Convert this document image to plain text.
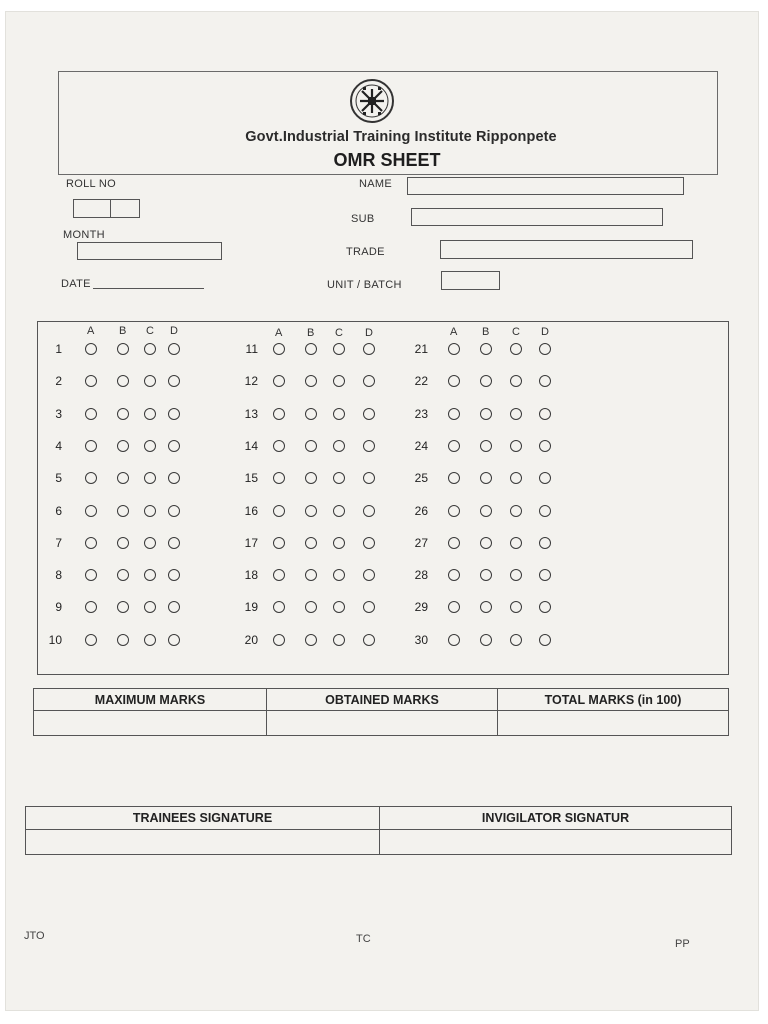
Govt.Industrial Training Institute Ripponpete
OMR SHEET
ROLL NO
MONTH
DATE
NAME
SUB
TRADE
UNIT / BATCH
A B C D
1
2
3
4
5
6
7
8
9
10
A B C D
11
12
13
14
15
16
17
18
19
20
A B C D
21
22
23
24
25
26
27
28
29
30
MAXIMUM MARKS	OBTAINED MARKS	TOTAL MARKS (in 100)

TRAINEES SIGNATURE	INVIGILATOR SIGNATUR

JTO	TC	PP
